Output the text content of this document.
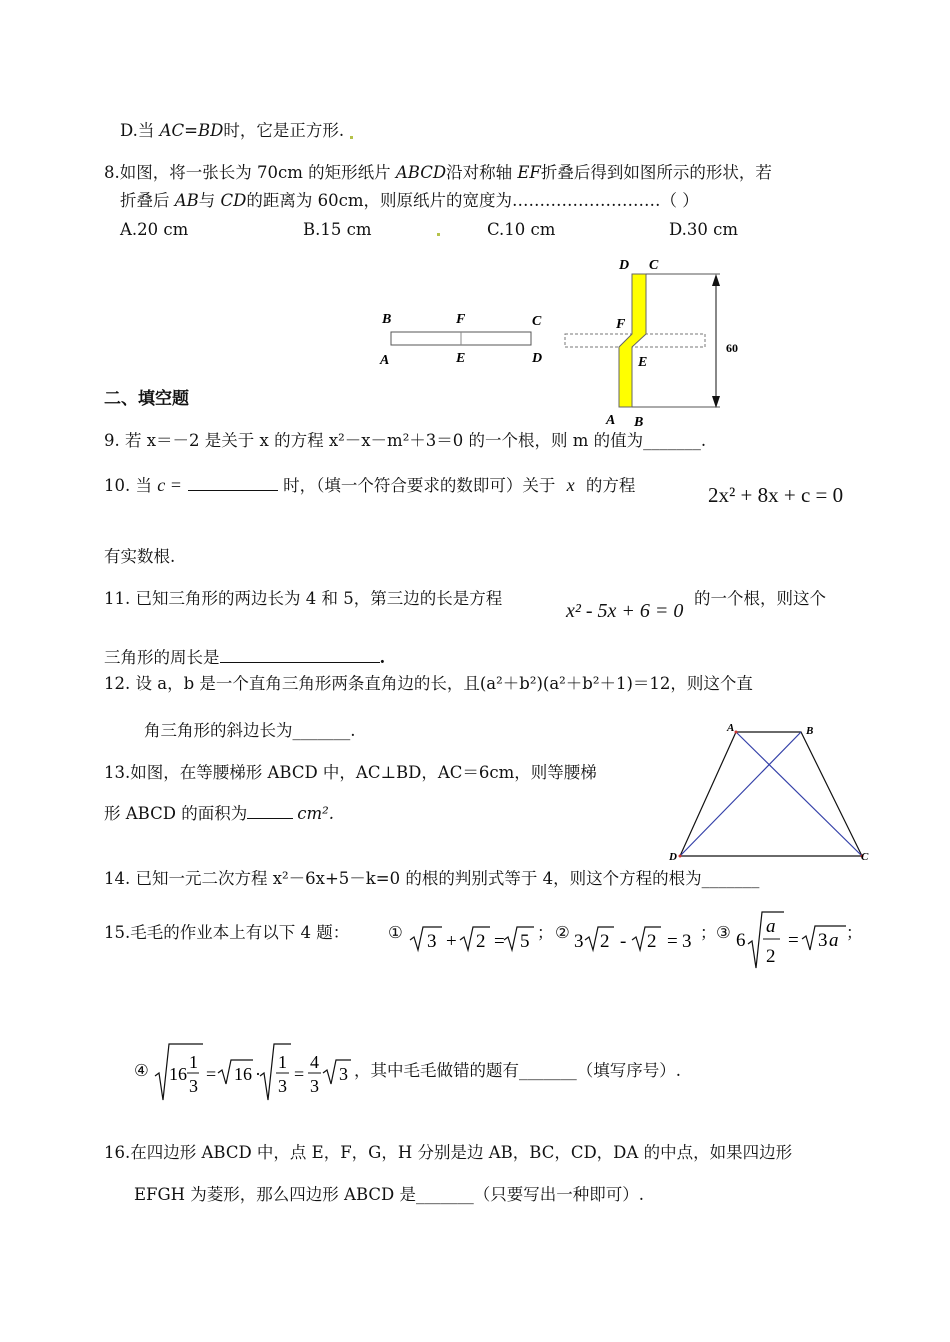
D.当 AC=BD时，它是正方形.
8.如图，将一张长为 70cm 的矩形纸片 ABCD沿对称轴 EF折叠后得到如图所示的形状，若
折叠后 AB与 CD的距离为 60cm，则原纸片的宽度为………………………（ ）
A.20 cm	B.15 cm	C.10 cm	D.30 cm
B	F	C
A	E	D
D C
F
E
A B
60
二、填空题
9. 若 x＝－2 是关于 x 的方程 x²－x－m²＋3＝0 的一个根，则 m 的值为_______.
10. 当 c =	时，（填一个符合要求的数即可）关于 x 的方程	2x² + 8x + c = 0
有实数根.
11. 已知三角形的两边长为 4 和 5，第三边的长是方程
x² - 5x + 6 = 0
的一个根，则这个
三角形的周长是	.
12. 设 a，b 是一个直角三角形两条直角边的长，且(a²＋b²)(a²＋b²＋1)＝12，则这个直
角三角形的斜边长为_______.
13.如图，在等腰梯形 ABCD 中，AC⊥BD，AC＝6cm，则等腰梯
形 ABCD 的面积为	cm².
A	B
D	C
14. 已知一元二次方程 x²－6x+5－k=0 的根的判别式等于 4，则这个方程的根为_______
15.毛毛的作业本上有以下 4 题： ① 3 + 2 = 5 ； ② 3 2 - 2 = 3 ； ③ 6
a
2
= 3 a ；
④ 16
1
3
= 16 ·
1
3
=
4
3
3 ，其中毛毛做错的题有_______（填写序号）.
16.在四边形 ABCD 中，点 E，F，G，H 分别是边 AB，BC，CD，DA 的中点，如果四边形
EFGH 为菱形，那么四边形 ABCD 是_______（只要写出一种即可）.
